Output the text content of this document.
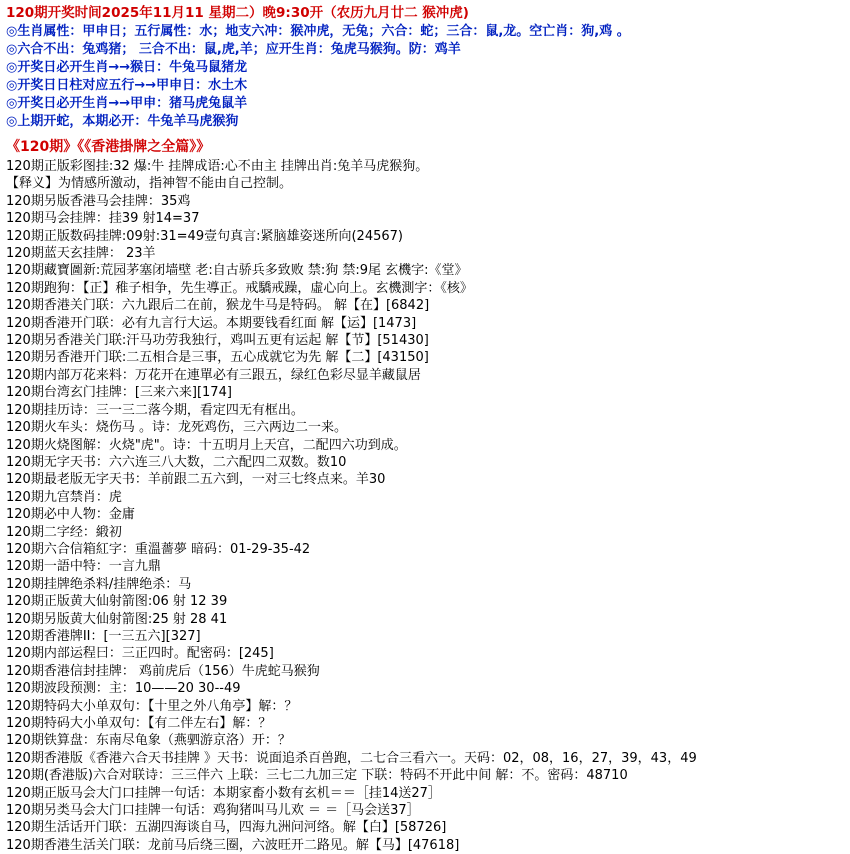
120期开奖时间2025年11月11 星期二）晚9:30开（农历九月廿二 猴冲虎)
◎生肖属性：甲申日；五行属性：水；地支六冲：猴冲虎，无兔；六合：蛇；三合：鼠,龙。空亡肖：狗,鸡 。
◎六合不出：兔鸡猪； 三合不出：鼠,虎,羊；应开生肖：兔虎马猴狗。防：鸡羊
◎开奖日必开生肖→→猴日：牛兔马鼠猪龙
◎开奖日日柱对应五行→→甲申日：水土木
◎开奖日必开生肖→→甲申：猪马虎兔鼠羊
◎上期开蛇，本期必开：牛兔羊马虎猴狗
《120期》《《香港掛牌之全篇》》
120期正版彩图挂:32 爆:牛 挂牌成语:心不由主 挂牌出肖:兔羊马虎猴狗。
【释义】为情感所激动，指神智不能由自己控制。
120期另版香港马会挂牌：35鸡
120期马会挂牌：挂39 射14=37
120期正版数码挂牌:09射:31=49壹句真言:紧脑雄姿迷所向(24567)
120期蓝天玄挂牌： 23羊
120期藏寶圖新:荒园茅塞闭墙壁 老:自古骄兵多致败 禁:狗 禁:9尾 玄機字:《堂》
120期跑狗：【正】稚子相争，先生導正。戒驕戒躁，虛心向上。玄機測字：《核》
120期香港关门联：六九跟后二在前，猴龙牛马是特码。 解【在】[6842]
120期香港开门联：必有九言行大运。本期要钱看红面 解【运】[1473]
120期另香港关门联:汗马功劳我独行，鸡叫五更有运起 解【节】[51430]
120期另香港开门联:二五相合是三事，五心成就它为先 解【二】[43150]
120期内部万花来料：万花开在連單必有三跟五，绿红色彩尽显羊藏鼠居
120期台湾玄门挂牌：[三来六来][174]
120期挂历诗：三一三二落今期，看定四无有框出。
120期火车头：烧伤马 。诗：龙死鸡伤，三六两边二一来。
120期火烧图解：火烧"虎"。诗：十五明月上天宫，二配四六功到成。
120期无字天书：六六连三八大数，二六配四二双数。数10
120期最老版无字天书：羊前跟二五六到，一对三七终点来。羊30
120期九宫禁肖：虎
120期必中人物：金庸
120期二字经：緞初
120期六合信箱紅字：重溫薔夢 暗码：01-29-35-42
120期一語中特：一言九鼎
120期挂牌绝杀料/挂牌绝杀：马
120期正版黄大仙射箭图:06 射 12 39
120期另版黄大仙射箭图:25 射 28 41
120期香港牌ⅠⅠ：[一三五六][327]
120期内部运程曰：三正四时。配密码：[245]
120期香港信封挂牌： 鸡前虎后（156）牛虎蛇马猴狗
120期波段预测：主：10——20 30--49
120期特码大小单双句：【十里之外八角亭】解：？
120期特码大小单双句：【有二伴左右】解：？
120期铁算盘：东南尽龟象（燕驷游京洛）开：？
120期香港版《香港六合天书挂牌 》天书：说面追杀百兽跑，二七合三看六一。天码：02，08，16，27，39，43，49
120期(香港版)六合对联诗：三三伴六 上联：三七二九加三定 下联：特码不开此中间 解：不。密码：48710
120期正版马会大门口挂牌一句话：本期家畜小数有玄机＝＝［挂14送27］
120期另类马会大门口挂牌一句话：鸡狗猪叫马儿欢 ＝ ＝［马会送37］
120期生活话开门联：五湖四海谈自马，四海九洲问河络。解【白】[58726]
120期香港生活关门联：龙前马后绕三圈，六波旺开二路见。解【马】[47618]
